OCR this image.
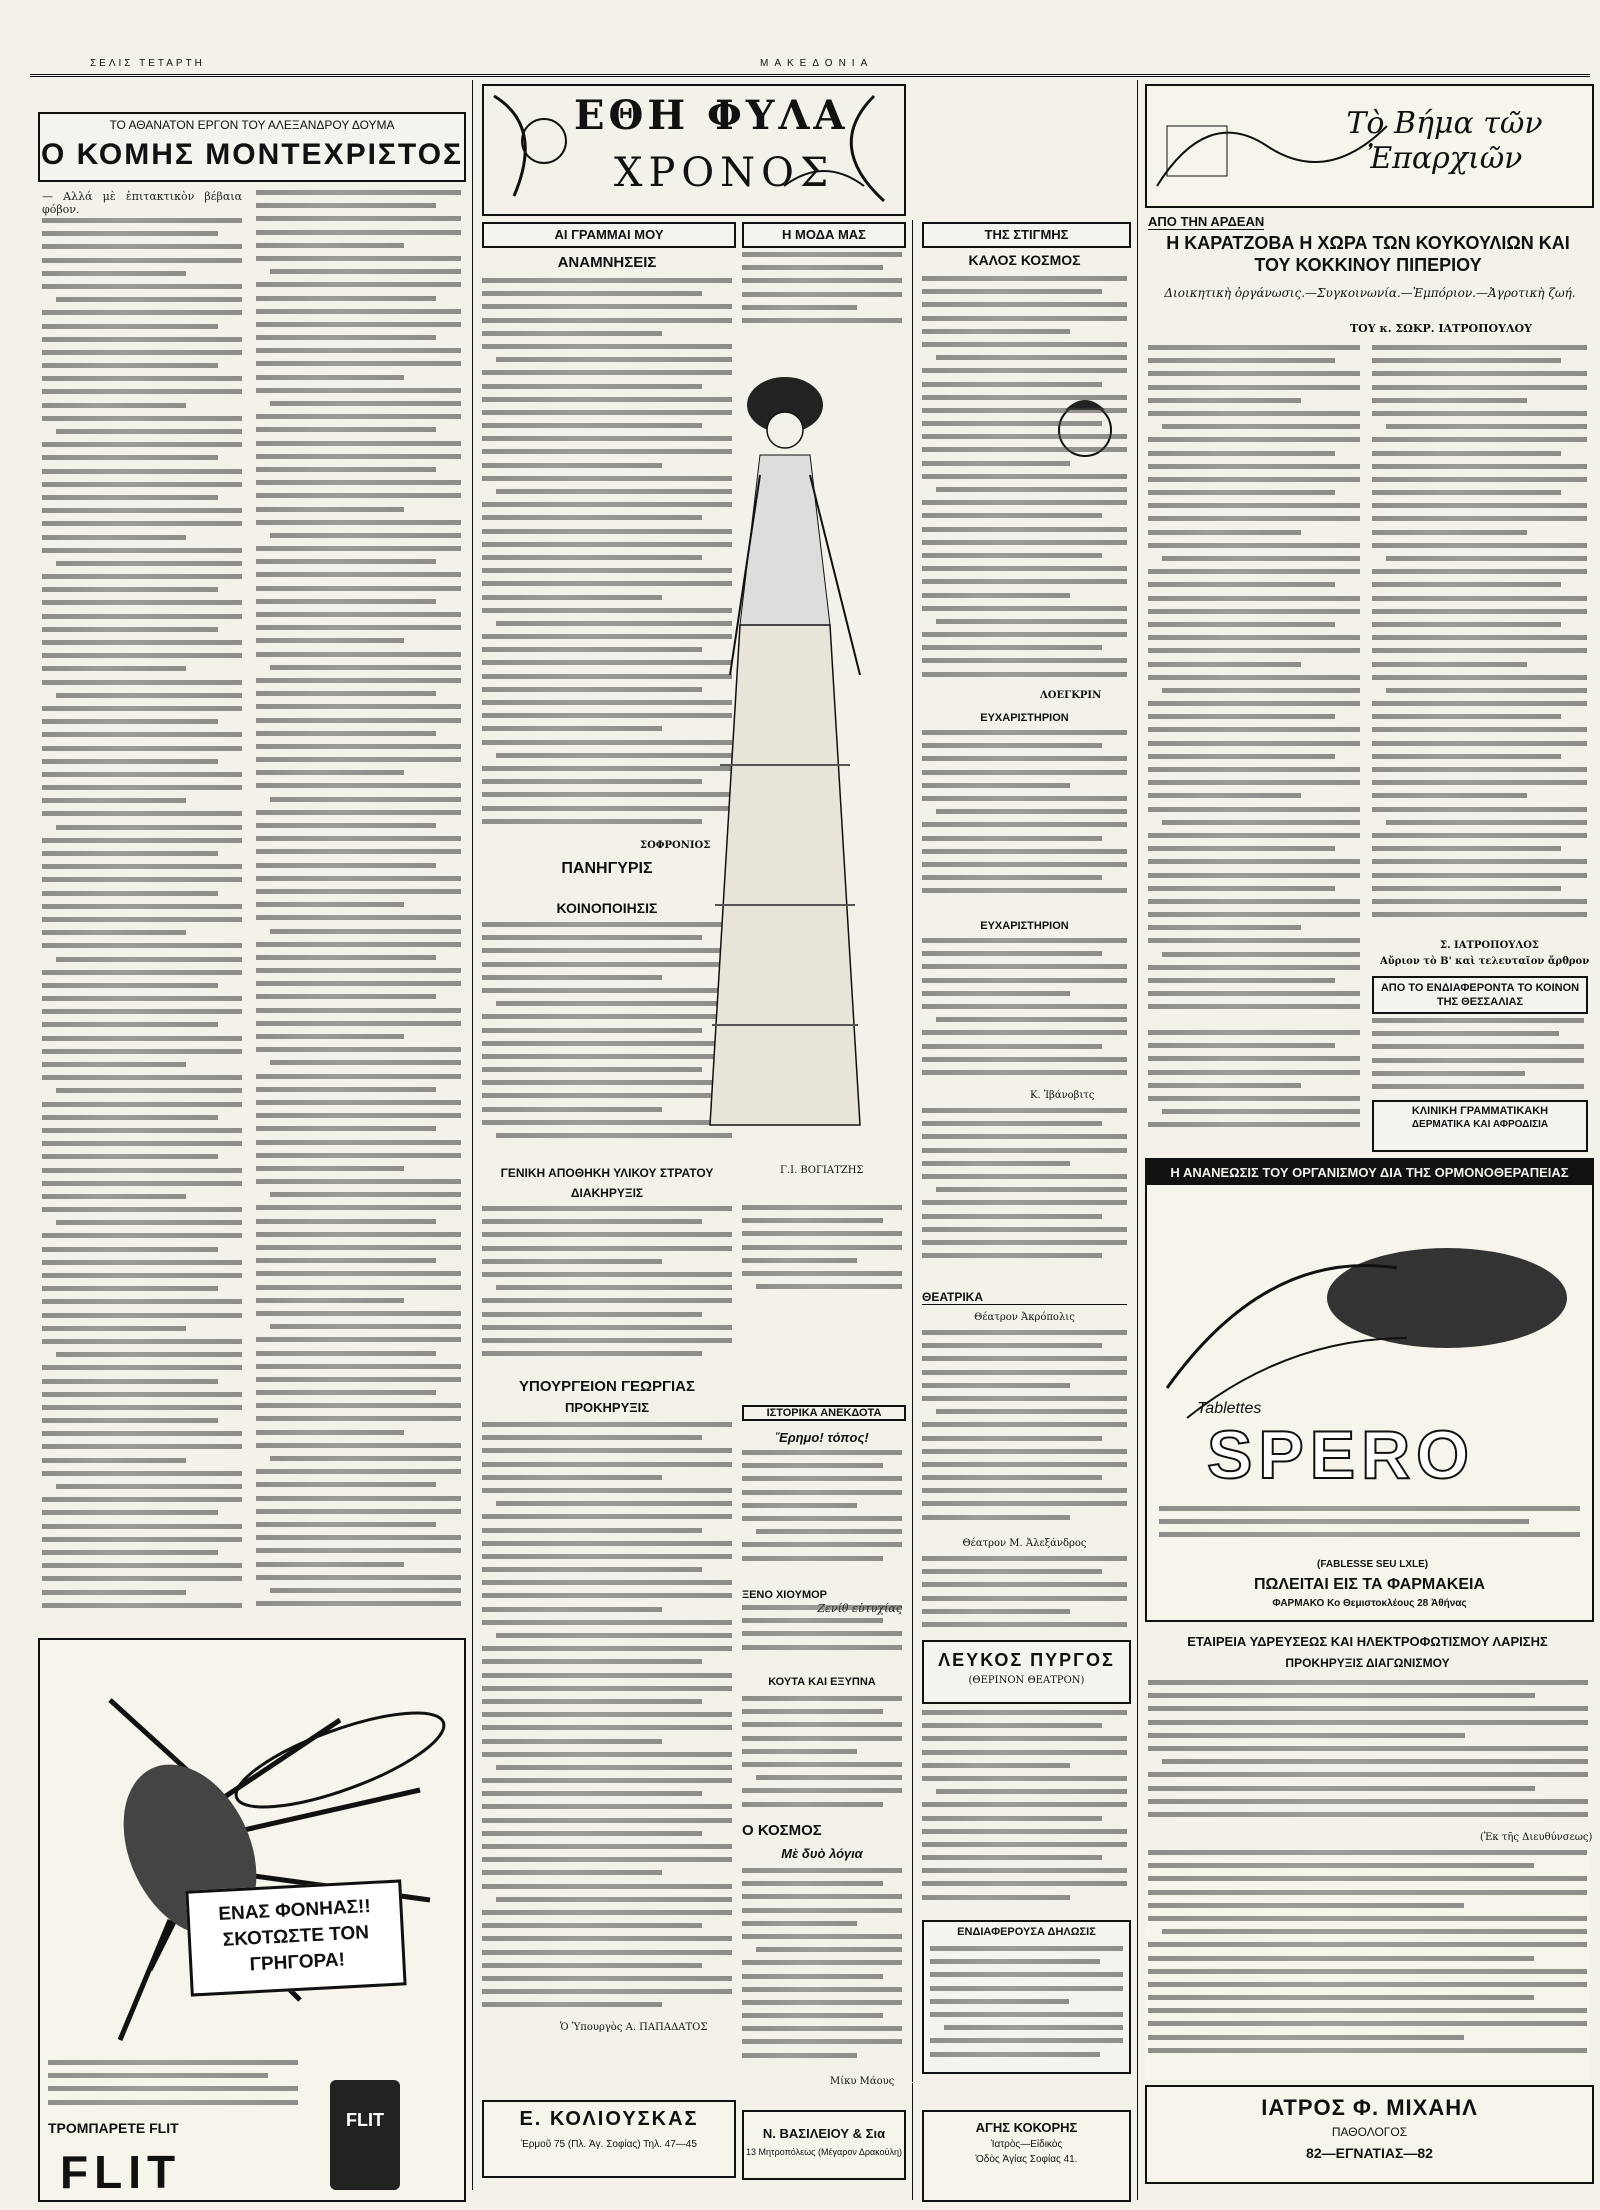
ΣΕΛΙΣ ΤΕΤΑΡΤΗ	ΜΑΚΕΔΟΝΙΑ
ΤΟ ΑΘΑΝΑΤΟΝ ΕΡΓΟΝ ΤΟΥ ΑΛΕΞΑΝΔΡΟΥ ΔΟΥΜΑ
Ο ΚΟΜΗΣ ΜΟΝΤΕΧΡΙΣΤΟΣ
— Αλλά μὲ ἐπιτακτικὸν βέβαια φόβον.
ΕΝΑΣ ΦΟΝΗΑΣ!! ΣΚΟΤΩΣΤΕ ΤΟΝ ΓΡΗΓΟΡΑ!
ΤΡΟΜΠΑΡΕΤΕ FLIT
FLIT
FLIT
ΕΘΗ ΦΥΛΑ
ΧΡΟΝΟΣ
ΑΙ ΓΡΑΜΜΑΙ ΜΟΥ
ΑΝΑΜΝΗΣΕΙΣ
ΣΟΦΡΟΝΙΟΣ
ΠΑΝΗΓΥΡΙΣ
ΚΟΙΝΟΠΟΙΗΣΙΣ
ΓΕΝΙΚΗ ΑΠΟΘΗΚΗ ΥΛΙΚΟΥ ΣΤΡΑΤΟΥ
ΔΙΑΚΗΡΥΞΙΣ
ΥΠΟΥΡΓΕΙΟΝ ΓΕΩΡΓΙΑΣ
ΠΡΟΚΗΡΥΞΙΣ
Ὁ Ὑπουργὸς Α. ΠΑΠΑΔΑΤΟΣ
Ε. ΚΟΛΙΟΥΣΚΑΣ
Ἑρμοῦ 75 (Πλ. Ἁγ. Σοφίας) Τηλ. 47—45
Η ΜΟΔΑ ΜΑΣ
Γ.Ι. ΒΟΓΙΑΤΖΗΣ
ΙΣΤΟΡΙΚΑ ΑΝΕΚΔΟΤΑ
Ἔρημο! τόπος!
ΞΕΝΟ ΧΙΟΥΜΟΡ
ΚΟΥΤΑ ΚΑΙ ΕΞΥΠΝΑ
Ο ΚΟΣΜΟΣ
Μὲ δυὸ λόγια
Μίκυ Μάους
Ν. ΒΑΣΙΛΕΙΟΥ & Σια
13 Μητροπόλεως (Μέγαρον Δρακούλη)
ΤΗΣ ΣΤΙΓΜΗΣ
ΚΑΛΟΣ ΚΟΣΜΟΣ
ΛΟΕΓΚΡΙΝ
ΕΥΧΑΡΙΣΤΗΡΙΟΝ
ΕΥΧΑΡΙΣΤΗΡΙΟΝ
Κ. Ἰβάνοβιτς
ΘΕΑΤΡΙΚΑ
Θέατρον Ἀκρόπολις
Θέατρον Μ. Ἀλεξάνδρος
ΛΕΥΚΟΣ ΠΥΡΓΟΣ
(ΘΕΡΙΝΟΝ ΘΕΑΤΡΟΝ)
ΕΝΔΙΑΦΕΡΟΥΣΑ ΔΗΛΩΣΙΣ
ΑΓΗΣ ΚΟΚΟΡΗΣ
Ἰατρὸς—Εἰδικὸς
Ὁδὸς Ἁγίας Σοφίας 41.
Τὸ Βήμα τῶν Ἐπαρχιῶν
ΑΠΟ ΤΗΝ ΑΡΔΕΑΝ
Η ΚΑΡΑΤΖΟΒΑ Η ΧΩΡΑ ΤΩΝ ΚΟΥΚΟΥΛΙΩΝ ΚΑΙ ΤΟΥ ΚΟΚΚΙΝΟΥ ΠΙΠΕΡΙΟΥ
Διοικητικὴ ὀργάνωσις.—Συγκοινωνία.—Ἐμπόριον.—Ἀγροτικὴ ζωή.
ΤΟΥ κ. ΣΩΚΡ. ΙΑΤΡΟΠΟΥΛΟΥ
Σ. ΙΑΤΡΟΠΟΥΛΟΣ
Αὔριον τὸ Β' καὶ τελευταῖον ἄρθρον
ΑΠΟ ΤΟ ΕΝΔΙΑΦΕΡΟΝΤΑ ΤΟ ΚΟΙΝΟΝ ΤΗΣ ΘΕΣΣΑΛΙΑΣ
ΚΛΙΝΙΚΗ ΓΡΑΜΜΑΤΙΚΑΚΗ
ΔΕΡΜΑΤΙΚΑ ΚΑΙ ΑΦΡΟΔΙΣΙΑ
Η ΑΝΑΝΕΩΣΙΣ ΤΟΥ ΟΡΓΑΝΙΣΜΟΥ ΔΙΑ ΤΗΣ ΟΡΜΟΝΟΘΕΡΑΠΕΙΑΣ
Tablettes
SPERO
(FABLESSE SEU LXLE)
ΠΩΛΕΙΤΑΙ ΕΙΣ ΤΑ ΦΑΡΜΑΚΕΙΑ
ΦΑΡΜΑΚΟ Κο Θεμιστοκλέους 28 Ἀθήνας
ΕΤΑΙΡΕΙΑ ΥΔΡΕΥΣΕΩΣ ΚΑΙ ΗΛΕΚΤΡΟΦΩΤΙΣΜΟΥ ΛΑΡΙΣΗΣ
ΠΡΟΚΗΡΥΞΙΣ ΔΙΑΓΩΝΙΣΜΟΥ
(Ἐκ τῆς Διευθύνσεως)
ΙΑΤΡΟΣ Φ. ΜΙΧΑΗΛ
ΠΑΘΟΛΟΓΟΣ
82—ΕΓΝΑΤΙΑΣ—82
